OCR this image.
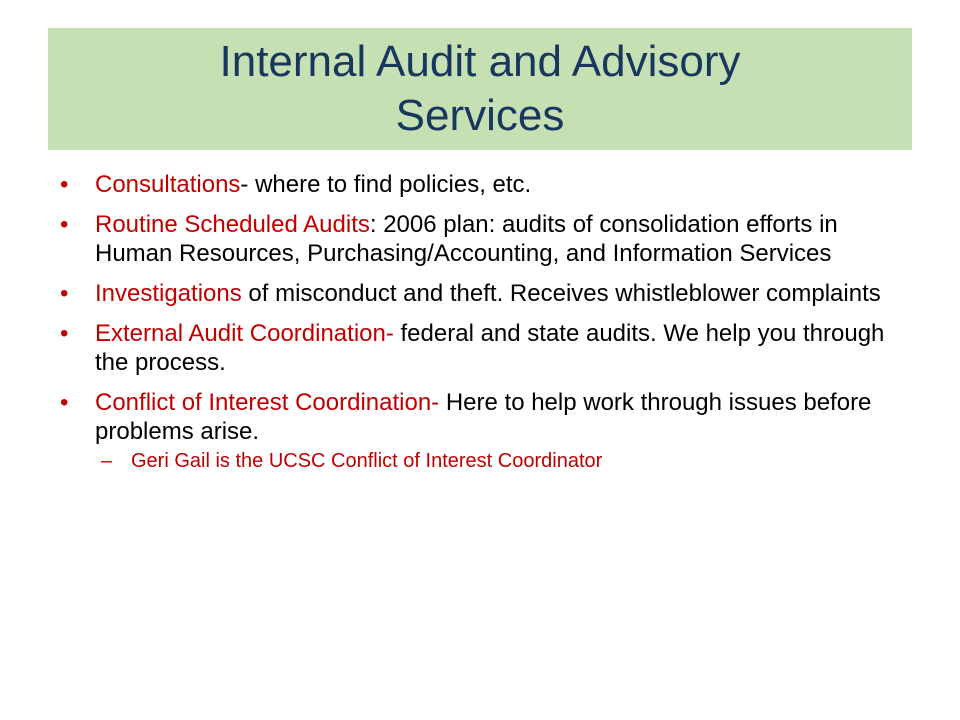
Internal Audit and Advisory Services
• Consultations- where to find policies, etc.
• Routine Scheduled Audits: 2006 plan: audits of consolidation efforts in Human Resources, Purchasing/Accounting, and Information Services
• Investigations of misconduct and theft. Receives whistleblower complaints
• External Audit Coordination- federal and state audits. We help you through the process.
• Conflict of Interest Coordination- Here to help work through issues before problems arise.
– Geri Gail is the UCSC Conflict of Interest Coordinator
